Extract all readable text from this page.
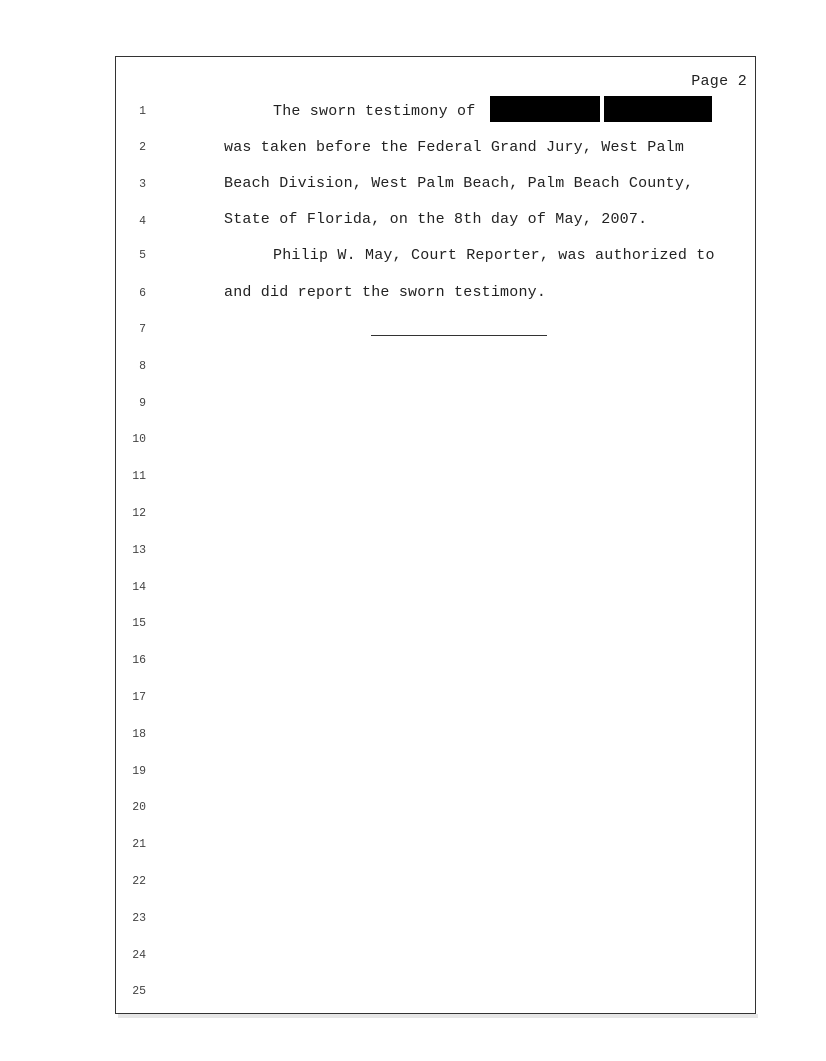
Page 2
1
2
3
4
5
6
7
8
9
10
11
12
13
14
15
16
17
18
19
20
21
22
23
24
25
The sworn testimony of
was taken before the Federal Grand Jury, West Palm
Beach Division, West Palm Beach, Palm Beach County,
State of Florida, on the 8th day of May, 2007.
Philip W. May, Court Reporter, was authorized to
and did report the sworn testimony.
